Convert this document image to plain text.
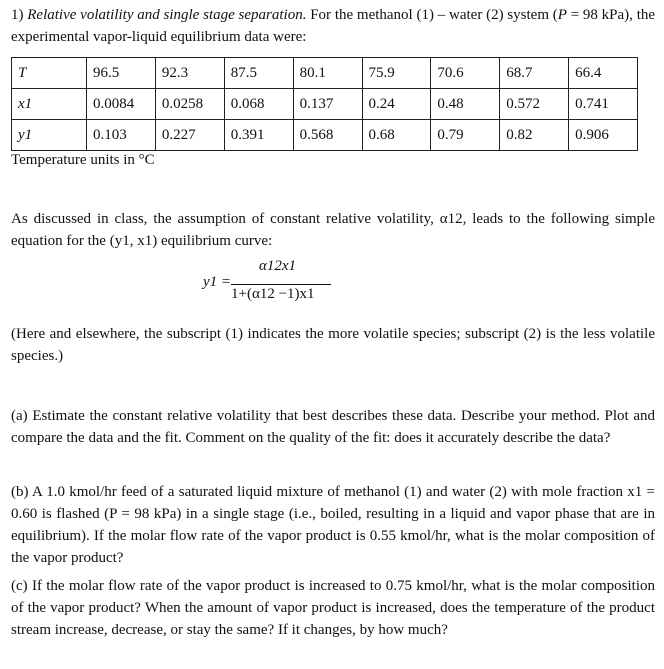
1) Relative volatility and single stage separation. For the methanol (1) – water (2) system (P = 98 kPa), the experimental vapor-liquid equilibrium data were:
T	96.5	92.3	87.5	80.1	75.9	70.6	68.7	66.4
x1	0.0084	0.0258	0.068	0.137	0.24	0.48	0.572	0.741
y1	0.103	0.227	0.391	0.568	0.68	0.79	0.82	0.906
Temperature units in °C
As discussed in class, the assumption of constant relative volatility, α12, leads to the following simple equation for the (y1, x1) equilibrium curve:
y1 =
α12x1
1+(α12 −1)x1
(Here and elsewhere, the subscript (1) indicates the more volatile species; subscript (2) is the less volatile species.)
(a) Estimate the constant relative volatility that best describes these data. Describe your method. Plot and compare the data and the fit. Comment on the quality of the fit: does it accurately describe the data?
(b) A 1.0 kmol/hr feed of a saturated liquid mixture of methanol (1) and water (2) with mole fraction x1 = 0.60 is flashed (P = 98 kPa) in a single stage (i.e., boiled, resulting in a liquid and vapor phase that are in equilibrium). If the molar flow rate of the vapor product is 0.55 kmol/hr, what is the molar composition of the vapor product?
(c) If the molar flow rate of the vapor product is increased to 0.75 kmol/hr, what is the molar composition of the vapor product? When the amount of vapor product is increased, does the temperature of the product stream increase, decrease, or stay the same? If it changes, by how much?
